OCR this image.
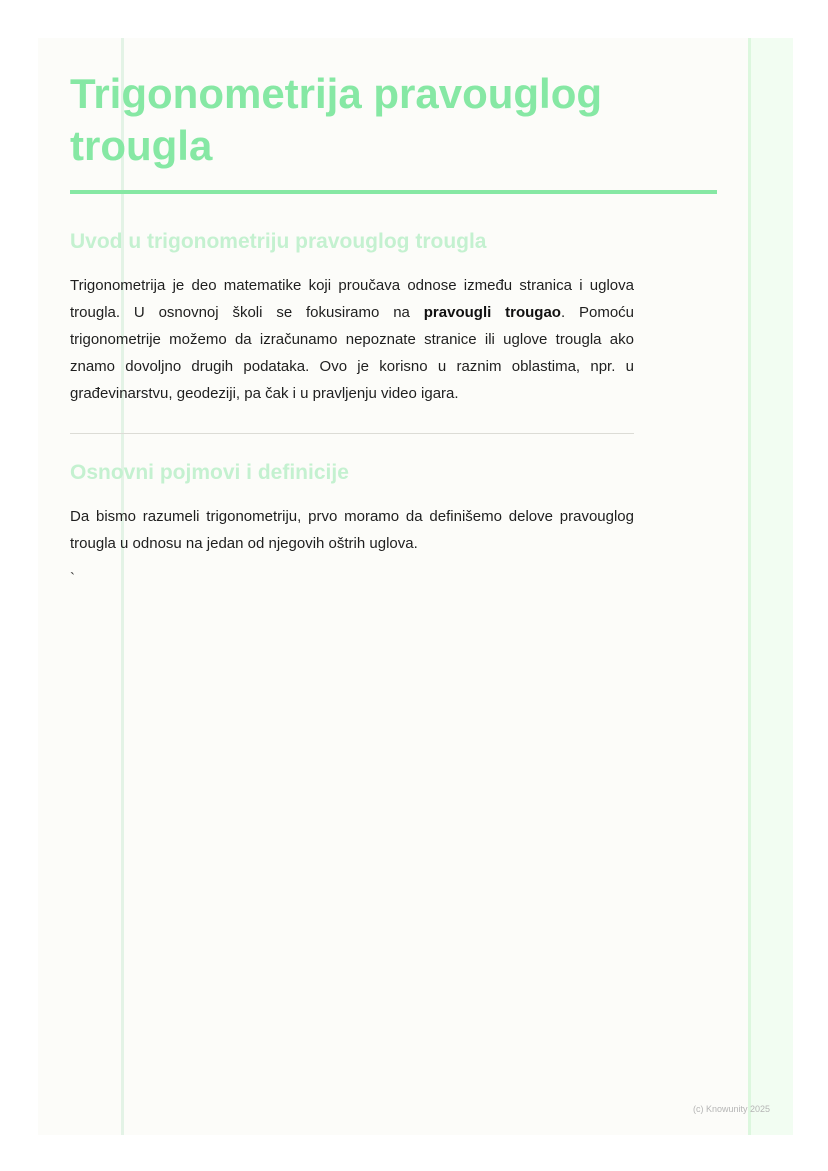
Trigonometrija pravouglog trougla
Uvod u trigonometriju pravouglog trougla

Trigonometrija je deo matematike koji proučava odnose između stranica i uglova trougla. U osnovnoj školi se fokusiramo na pravougli trougao. Pomoću trigonometrije možemo da izračunamo nepoznate stranice ili uglove trougla ako znamo dovoljno drugih podataka. Ovo je korisno u raznim oblastima, npr. u građevinarstvu, geodeziji, pa čak i u pravljenju video igara.

Osnovni pojmovi i definicije

Da bismo razumeli trigonometriju, prvo moramo da definišemo delove pravouglog trougla u odnosu na jedan od njegovih oštrih uglova.

`
(c) Knowunity 2025
